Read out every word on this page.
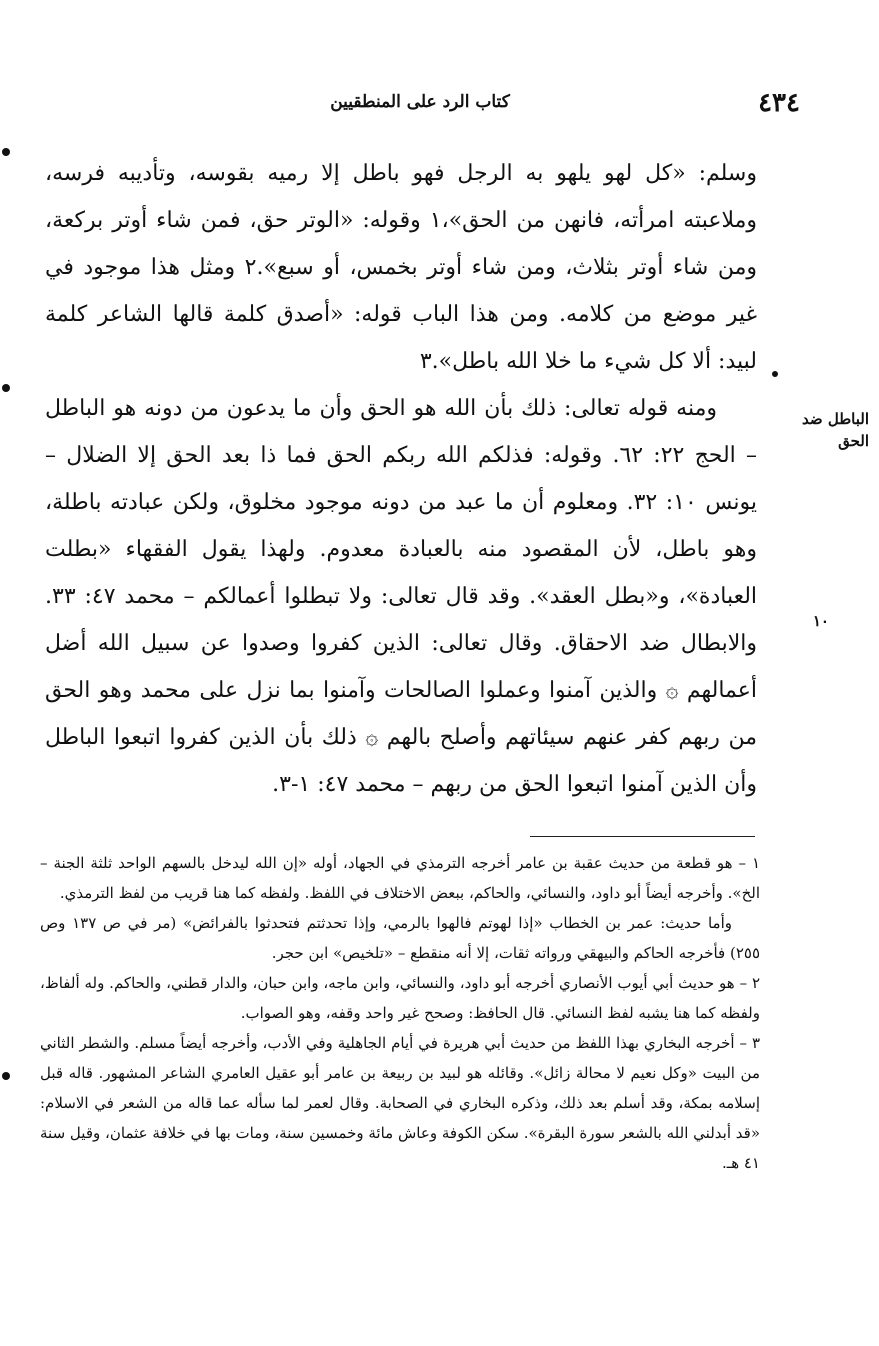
٤٣٤
كتاب الرد على المنطقيين
الباطل ضد
الحق
١٠

وسلم: «كل لهو يلهو به الرجل فهو باطل إلا رميه بقوسه، وتأديبه فرسه، وملاعبته امرأته، فانهن من الحق»،١ وقوله: «الوتر حق، فمن شاء أوتر بركعة، ومن شاء أوتر بثلاث، ومن شاء أوتر بخمس، أو سبع».٢ ومثل هذا موجود في غير موضع من كلامه. ومن هذا الباب قوله: «أصدق كلمة قالها الشاعر كلمة لبيد: ألا كل شيء ما خلا الله باطل».٣

ومنه قوله تعالى: ذلك بأن الله هو الحق وأن ما يدعون من دونه هو الباطل – الحج ٢٢: ٦٢. وقوله: فذلكم الله ربكم الحق فما ذا بعد الحق إلا الضلال – يونس ١٠: ٣٢. ومعلوم أن ما عبد من دونه موجود مخلوق، ولكن عبادته باطلة، وهو باطل، لأن المقصود منه بالعبادة معدوم. ولهذا يقول الفقهاء «بطلت العبادة»، و«بطل العقد». وقد قال تعالى: ولا تبطلوا أعمالكم – محمد ٤٧: ٣٣. والابطال ضد الاحقاق. وقال تعالى: الذين كفروا وصدوا عن سبيل الله أضل أعمالهم ۞ والذين آمنوا وعملوا الصالحات وآمنوا بما نزل على محمد وهو الحق من ربهم كفر عنهم سيئاتهم وأصلح بالهم ۞ ذلك بأن الذين كفروا اتبعوا الباطل وأن الذين آمنوا اتبعوا الحق من ربهم – محمد ٤٧: ١-٣.

١ – هو قطعة من حديث عقبة بن عامر أخرجه الترمذي في الجهاد، أوله «إن الله ليدخل بالسهم الواحد ثلثة الجنة – الخ». وأخرجه أيضاً أبو داود، والنسائي، والحاكم، ببعض الاختلاف في اللفظ. ولفظه كما هنا قريب من لفظ الترمذي.

وأما حديث: عمر بن الخطاب «إذا لهوتم فالهوا بالرمي، وإذا تحدثتم فتحدثوا بالفرائض» (مر في ص ١٣٧ وص ٢٥٥) فأخرجه الحاكم والبيهقي ورواته ثقات، إلا أنه منقطع – «تلخيص» ابن حجر.

٢ – هو حديث أبي أيوب الأنصاري أخرجه أبو داود، والنسائي، وابن ماجه، وابن حبان، والدار قطني، والحاكم. وله ألفاظ، ولفظه كما هنا يشبه لفظ النسائي. قال الحافظ: وصحح غير واحد وقفه، وهو الصواب.

٣ – أخرجه البخاري بهذا اللفظ من حديث أبي هريرة في أيام الجاهلية وفي الأدب، وأخرجه أيضاً مسلم. والشطر الثاني من البيت «وكل نعيم لا محالة زائل». وقائله هو لبيد بن ربيعة بن عامر أبو عقيل العامري الشاعر المشهور. قاله قبل إسلامه بمكة، وقد أسلم بعد ذلك، وذكره البخاري في الصحابة. وقال لعمر لما سأله عما قاله من الشعر في الاسلام: «قد أبدلني الله بالشعر سورة البقرة». سكن الكوفة وعاش مائة وخمسين سنة، ومات بها في خلافة عثمان، وقيل سنة ٤١ هـ.
